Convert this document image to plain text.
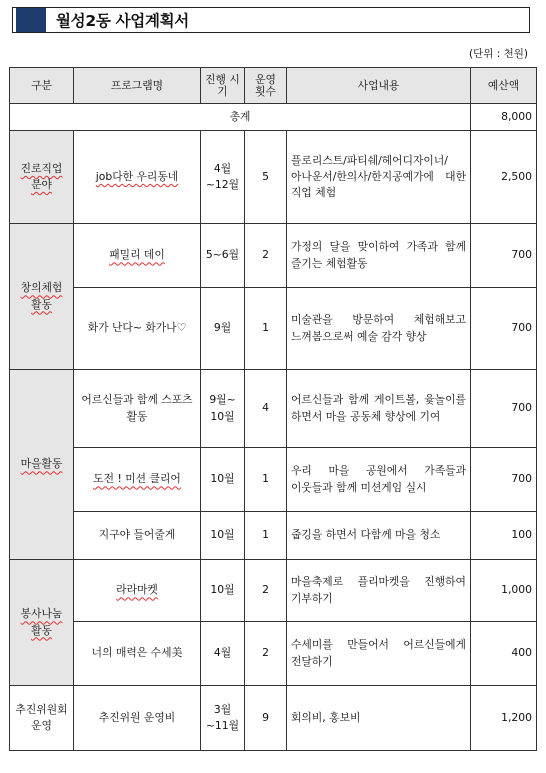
월성2동 사업계획서
(단위 : 천원)
구분	프로그램명	진행 시기	운영 횟수	사업내용	예산액
총계					8,000
진로직업 분야	job다한 우리동네	4월 ~12월	5	플로리스트/파티쉐/헤어디자이너/아나운서/한의사/한지공예가에 대한 직업 체험	2,500
창의체험 활동	패밀리 데이	5~6월	2	가정의 달을 맞이하여 가족과 함께 즐기는 체험활동	700
	화가 난다~ 화가나♡	9월	1	미술관을 방문하여 체험해보고 느껴봄으로써 예술 감각 향상	700
마을활동	어르신들과 함께 스포츠 활동	9월~ 10월	4	어르신들과 함께 게이트볼, 윷놀이를 하면서 마을 공동체 향상에 기여	700
	도전 ! 미션 클리어	10월	1	우리 마을 공원에서 가족들과 이웃들과 함께 미션게임 실시	700
	지구야 들어줄게	10월	1	줍깅을 하면서 다함께 마을 청소	100
봉사나눔 활동	라라마켓	10월	2	마을축제로 플리마켓을 진행하여 기부하기	1,000
	너의 매력은 수세美	4월	2	수세미를 만들어서 어르신들에게 전달하기	400
추진위원회 운영	추진위원 운영비	3월 ~11월	9	회의비, 홍보비	1,200
